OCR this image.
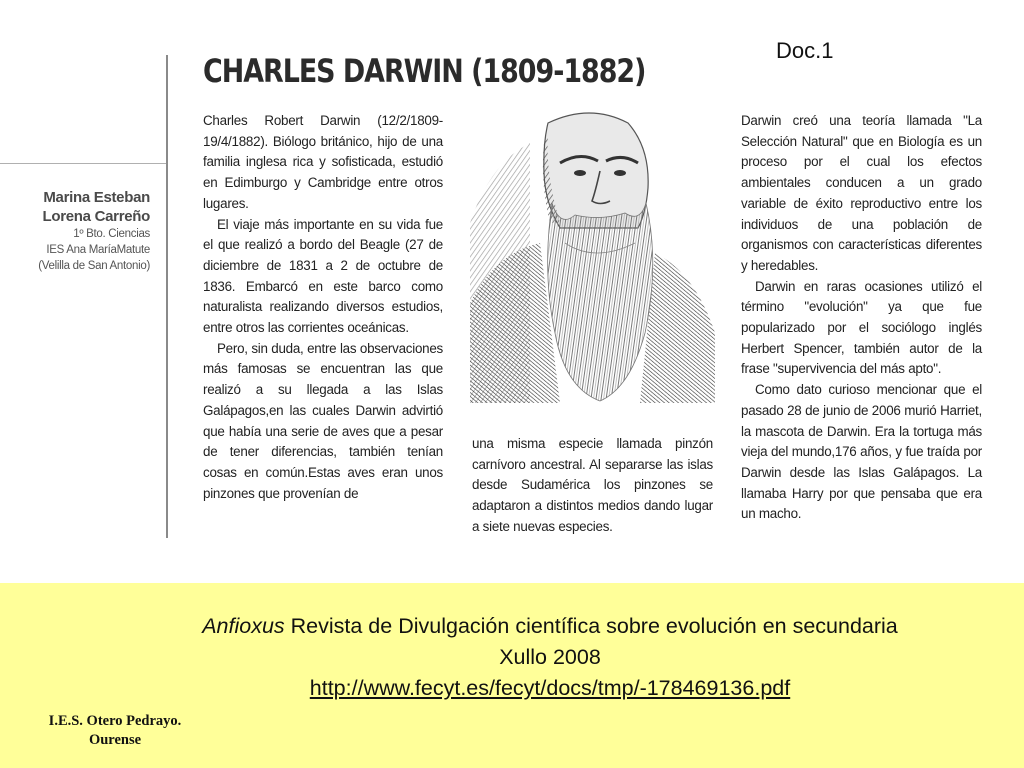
Doc.1
CHARLES DARWIN (1809-1882)
Marina Esteban
Lorena Carreño
1º Bto. Ciencias
IES Ana MaríaMatute
(Velilla de San Antonio)

Charles Robert Darwin (12/2/1809-19/4/1882). Biólogo británico, hijo de una familia inglesa rica y sofisticada, estudió en Edimburgo y Cambridge entre otros lugares.

El viaje más importante en su vida fue el que realizó a bordo del Beagle (27 de diciembre de 1831 a 2 de octubre de 1836. Embarcó en este barco como naturalista realizando diversos estudios, entre otros las corrientes oceánicas.

Pero, sin duda, entre las observaciones más famosas se encuentran las que realizó a su llegada a las Islas Galápagos,en las cuales Darwin advirtió que había una serie de aves que a pesar de tener diferencias, también tenían cosas en común.Estas aves eran unos pinzones que provenían de

una misma especie llamada pinzón carnívoro ancestral. Al separarse las islas desde Sudamérica los pinzones se adaptaron a distintos medios dando lugar a siete nuevas especies.

Darwin creó una teoría llamada "La Selección Natural" que en Biología es un proceso por el cual los efectos ambientales conducen a un grado variable de éxito reproductivo entre los individuos de una población de organismos con características diferentes y heredables.

Darwin en raras ocasiones utilizó el término "evolución" ya que fue popularizado por el sociólogo inglés Herbert Spencer, también autor de la frase "supervivencia del más apto".

Como dato curioso mencionar que el pasado 28 de junio de 2006 murió Harriet, la mascota de Darwin. Era la tortuga más vieja del mundo,176 años, y fue traída por Darwin desde las Islas Galápagos. La llamaba Harry por que pensaba que era un macho.

Anfioxus Revista de Divulgación científica sobre evolución en secundaria
Xullo 2008
http://www.fecyt.es/fecyt/docs/tmp/-178469136.pdf
I.E.S. Otero Pedrayo.
Ourense
